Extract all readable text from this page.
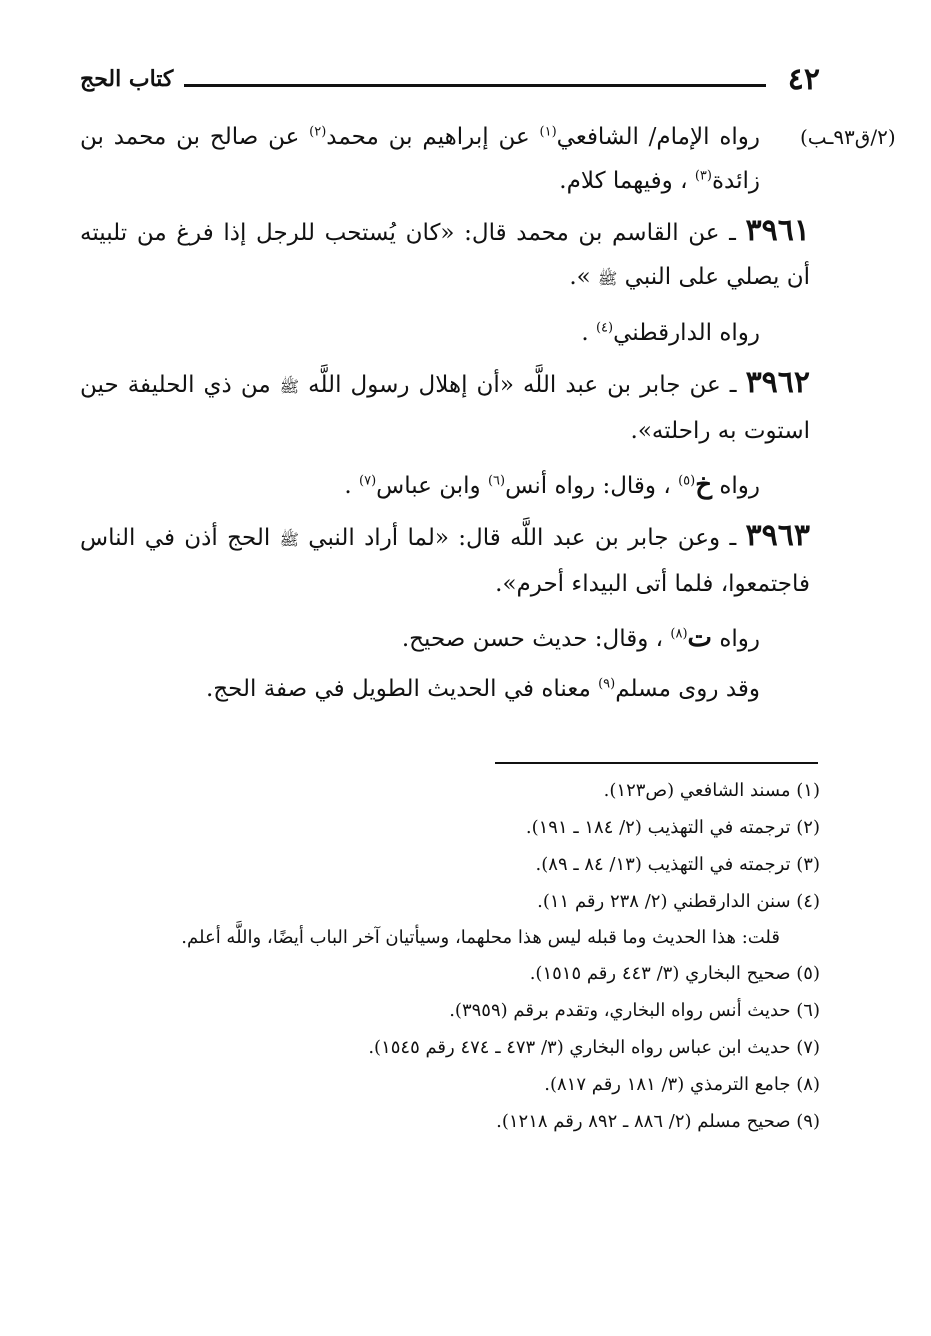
٤٢
كتاب الحج
(٢/ق٩٣ـب)

رواه الإمام/ الشافعي$^{(١)}$ عن إبراهيم بن محمد$^{(٢)}$ عن صالح بن محمد بن زائدة$^{(٣)}$ ، وفيهما كلام.

٣٩٦١ ـ عن القاسم بن محمد قال: «كان يُستحب للرجل إذا فرغ من تلبيته أن يصلي على النبي ﷺ ».

رواه الدارقطني$^{(٤)}$ .

٣٩٦٢ ـ عن جابر بن عبد اللَّه «أن إهلال رسول اللَّه ﷺ من ذي الحليفة حين استوت به راحلته».

رواه خ$^{(٥)}$ ، وقال: رواه أنس$^{(٦)}$ وابن عباس$^{(٧)}$ .

٣٩٦٣ ـ وعن جابر بن عبد اللَّه قال: «لما أراد النبي ﷺ الحج أذن في الناس فاجتمعوا، فلما أتى البيداء أحرم».

رواه ت$^{(٨)}$ ، وقال: حديث حسن صحيح.

وقد روى مسلم$^{(٩)}$ معناه في الحديث الطويل في صفة الحج.

(١) مسند الشافعي (ص١٢٣).

(٢) ترجمته في التهذيب (٢/ ١٨٤ ـ ١٩١).

(٣) ترجمته في التهذيب (١٣/ ٨٤ ـ ٨٩).

(٤) سنن الدارقطني (٢/ ٢٣٨ رقم ١١).

قلت: هذا الحديث وما قبله ليس هذا محلهما، وسيأتيان آخر الباب أيضًا، واللَّه أعلم.

(٥) صحيح البخاري (٣/ ٤٤٣ رقم ١٥١٥).

(٦) حديث أنس رواه البخاري، وتقدم برقم (٣٩٥٩).

(٧) حديث ابن عباس رواه البخاري (٣/ ٤٧٣ ـ ٤٧٤ رقم ١٥٤٥).

(٨) جامع الترمذي (٣/ ١٨١ رقم ٨١٧).

(٩) صحيح مسلم (٢/ ٨٨٦ ـ ٨٩٢ رقم ١٢١٨).
